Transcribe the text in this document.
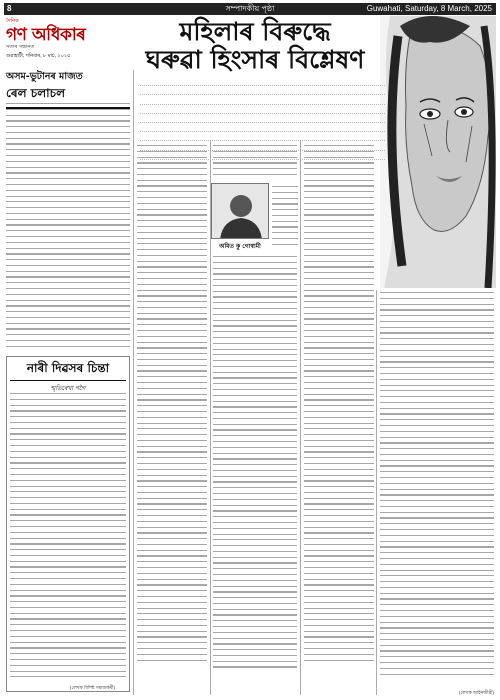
8	সম্পাদকীয় পৃষ্ঠা	Guwahati, Saturday, 8 March, 2025
দৈনিক
গণ অধিকাৰ
সত্যৰ সন্ধানত
গুৱাহাটী, শনিবাৰ, ৮ মাৰ্চ, ২০২৫
মহিলাৰ বিৰুদ্ধে
ঘৰুৱা হিংসাৰ বিশ্লেষণ
অসম-ভুটানৰ মাজত
ৰেল চলাচল
নাৰী দিৱসৰ চিন্তা
শ্মৃতিৰেখা গগৈ
(লেখক বিশিষ্ট সমাজকৰ্মী)
অমিত কু গোস্বামী
(লেখক আইনজীৱী)
